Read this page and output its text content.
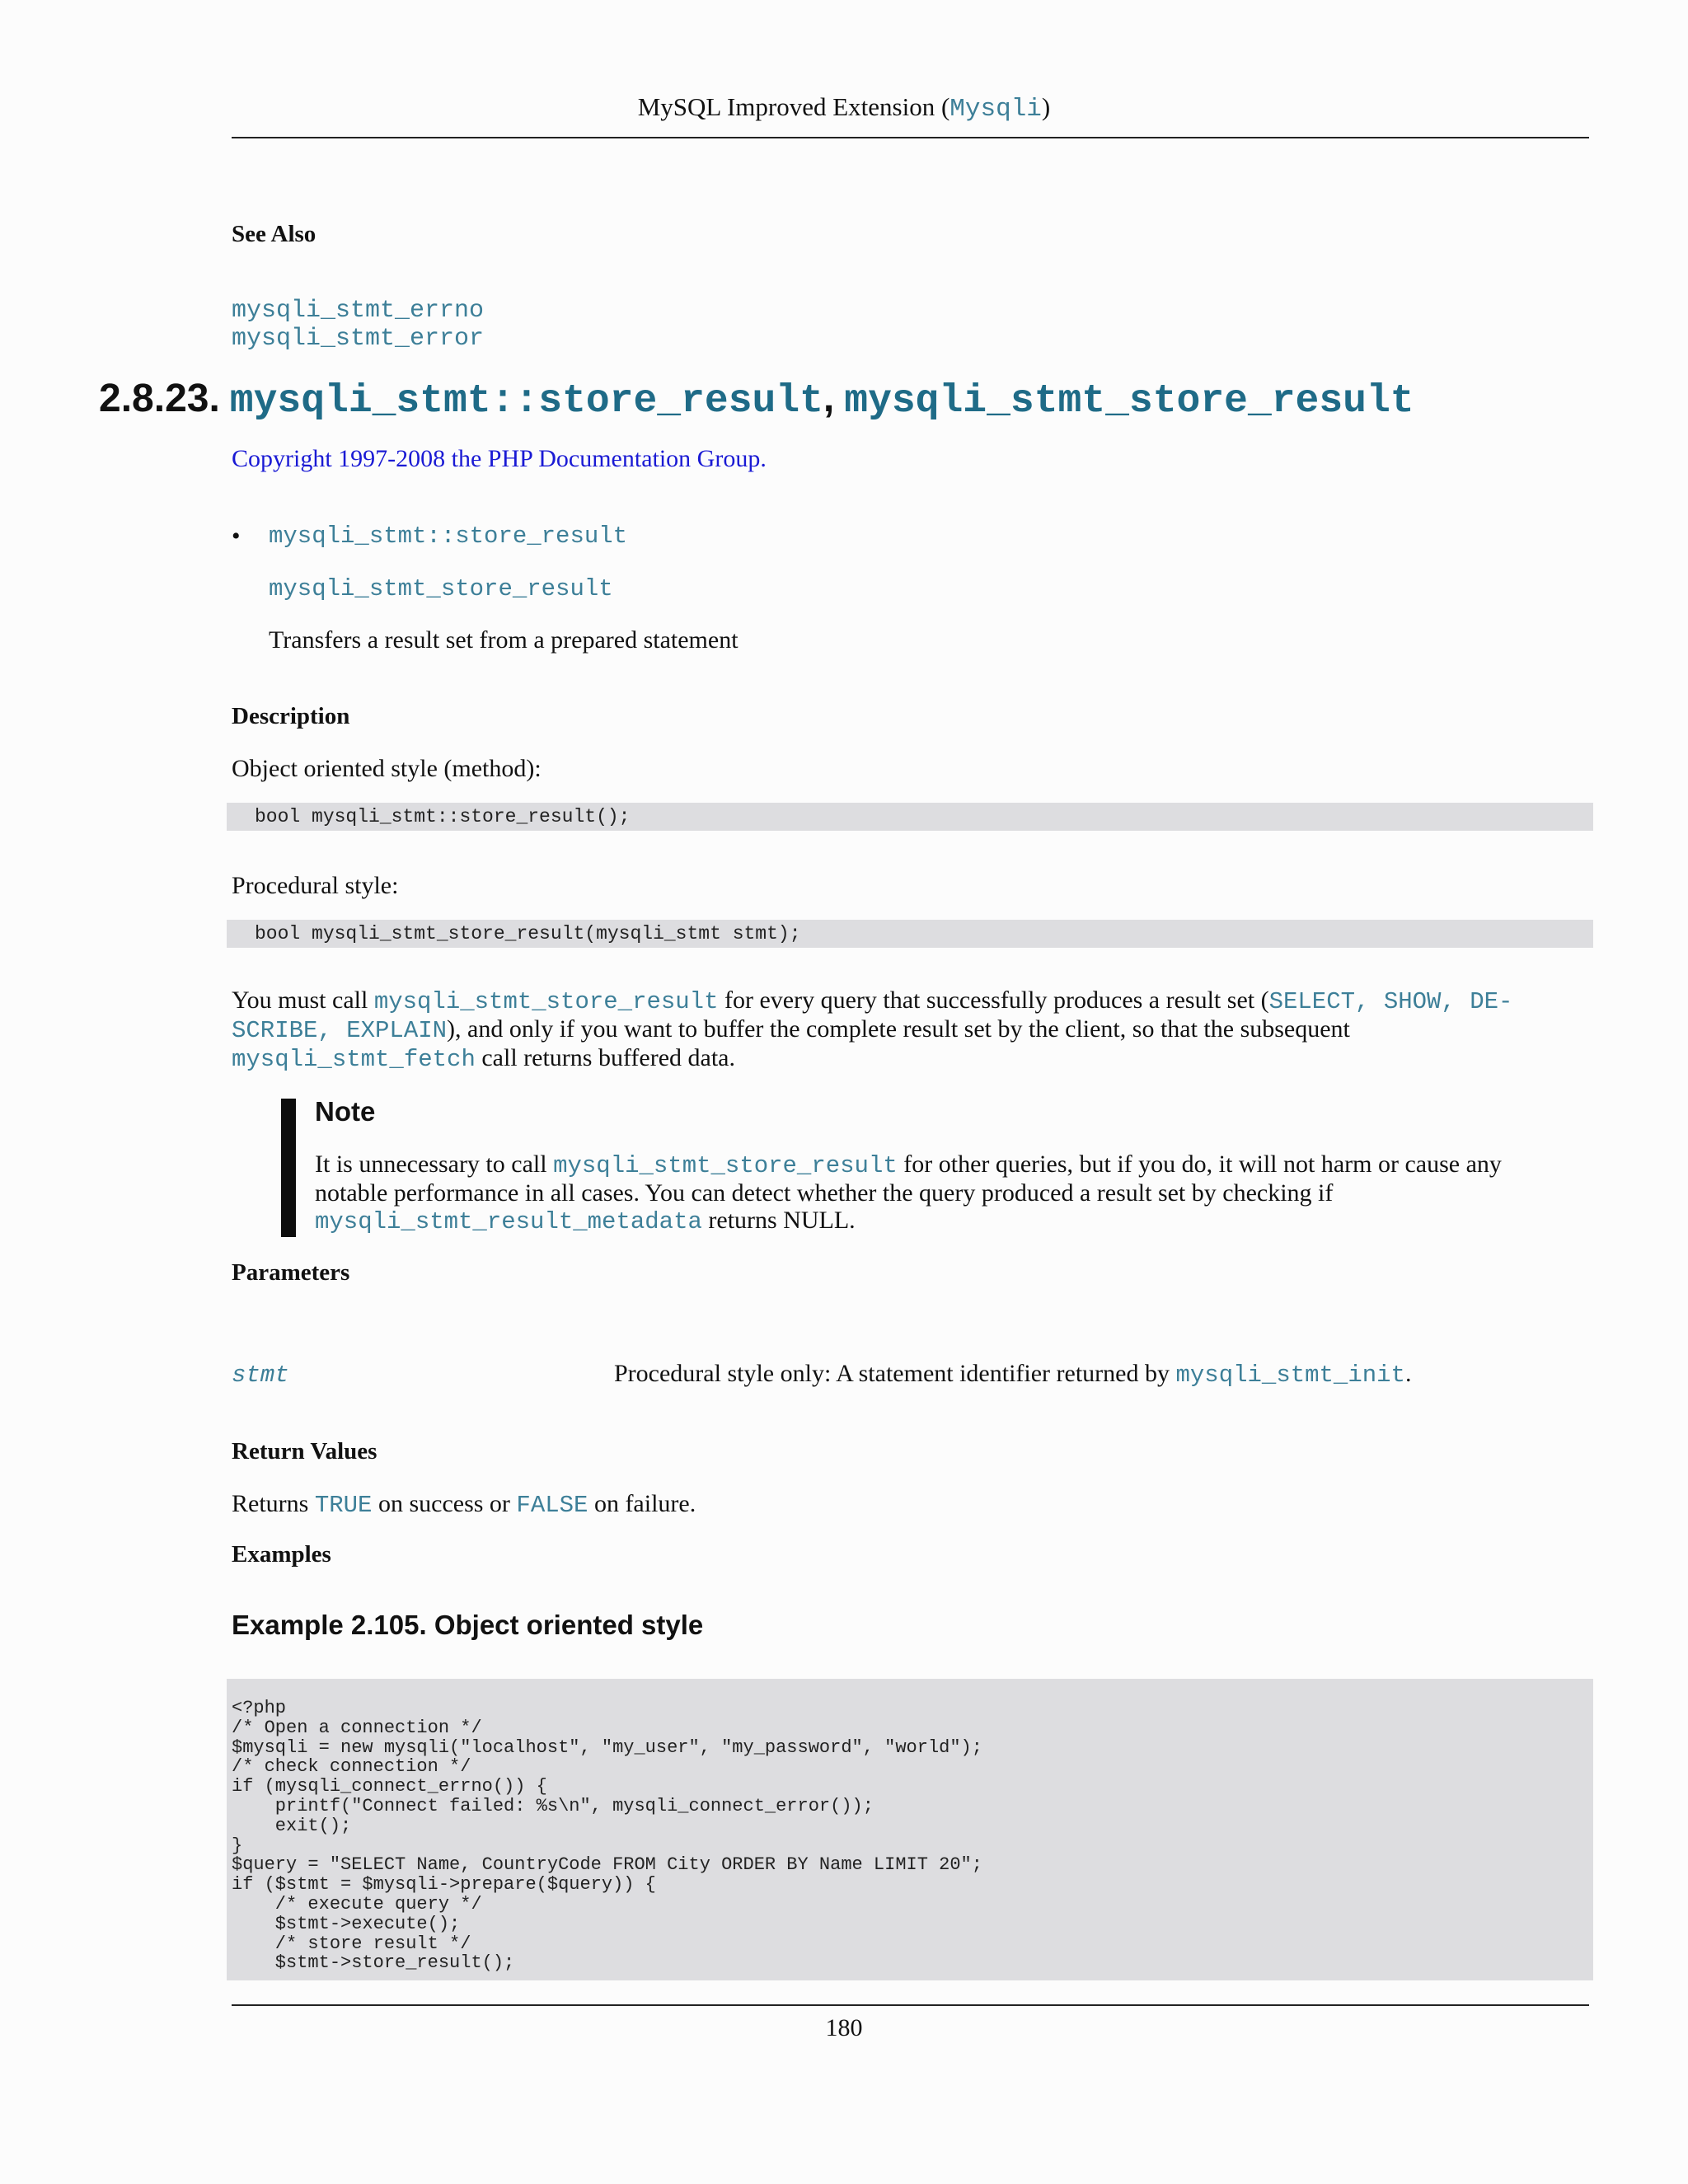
MySQL Improved Extension (Mysqli)
See Also
mysqli_stmt_errno
mysqli_stmt_error
2.8.23. mysqli_stmt::store_result, mysqli_stmt_store_result
Copyright 1997-2008 the PHP Documentation Group.
• mysqli_stmt::store_result
mysqli_stmt_store_result
Transfers a result set from a prepared statement
Description
Object oriented style (method):
bool mysqli_stmt::store_result();
Procedural style:
bool mysqli_stmt_store_result(mysqli_stmt stmt);
You must call mysqli_stmt_store_result for every query that successfully produces a result set (SELECT, SHOW, DE-
SCRIBE, EXPLAIN), and only if you want to buffer the complete result set by the client, so that the subsequent
mysqli_stmt_fetch call returns buffered data.
Note
It is unnecessary to call mysqli_stmt_store_result for other queries, but if you do, it will not harm or cause any notable performance in all cases. You can detect whether the query produced a result set by checking if
mysqli_stmt_result_metadata returns NULL.
Parameters
stmt	Procedural style only: A statement identifier returned by mysqli_stmt_init.
Return Values
Returns TRUE on success or FALSE on failure.
Examples
Example 2.105. Object oriented style
<?php
/* Open a connection */
$mysqli = new mysqli("localhost", "my_user", "my_password", "world");
/* check connection */
if (mysqli_connect_errno()) {
printf("Connect failed: %s\n", mysqli_connect_error());
exit();
}
$query = "SELECT Name, CountryCode FROM City ORDER BY Name LIMIT 20";
if ($stmt = $mysqli->prepare($query)) {
/* execute query */
$stmt->execute();
/* store result */
$stmt->store_result();
180
